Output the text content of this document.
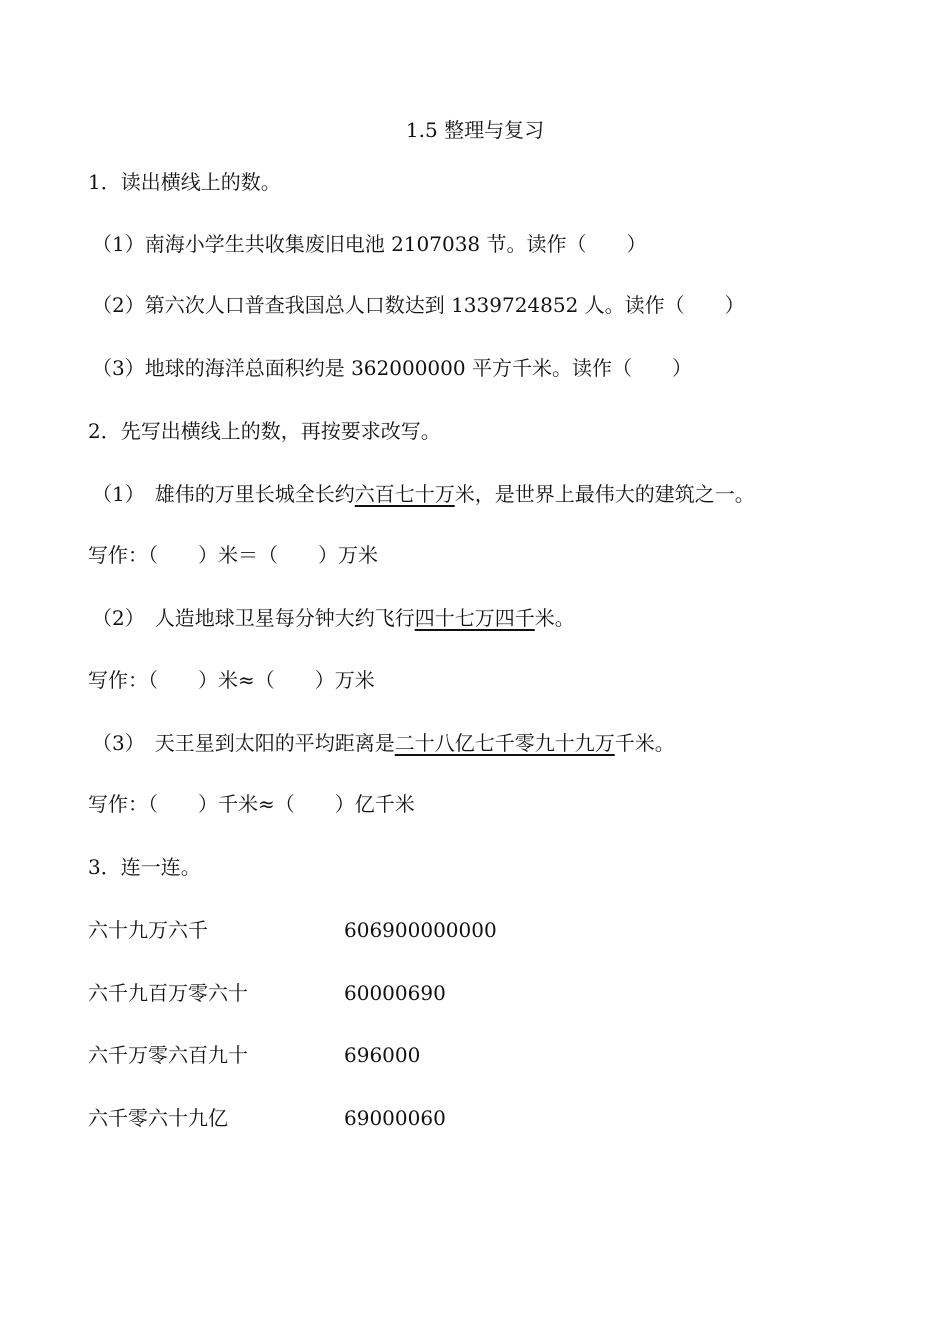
1.5 整理与复习
1．读出横线上的数。
（1）南海小学生共收集废旧电池 2107038 节。读作（　　）
（2）第六次人口普查我国总人口数达到 1339724852 人。读作（　　）
（3）地球的海洋总面积约是 362000000 平方千米。读作（　　）
2．先写出横线上的数，再按要求改写。
（1）　雄伟的万里长城全长约六百七十万米，是世界上最伟大的建筑之一。
写作：（　　）米＝（　　）万米
（2）　人造地球卫星每分钟大约飞行四十七万四千米。
写作：（　　）米≈（　　）万米
（3）　天王星到太阳的平均距离是二十八亿七千零九十九万千米。
写作：（　　）千米≈（　　）亿千米
3．连一连。
六十九万六千	606900000000
六千九百万零六十	60000690
六千万零六百九十	696000
六千零六十九亿	69000060
